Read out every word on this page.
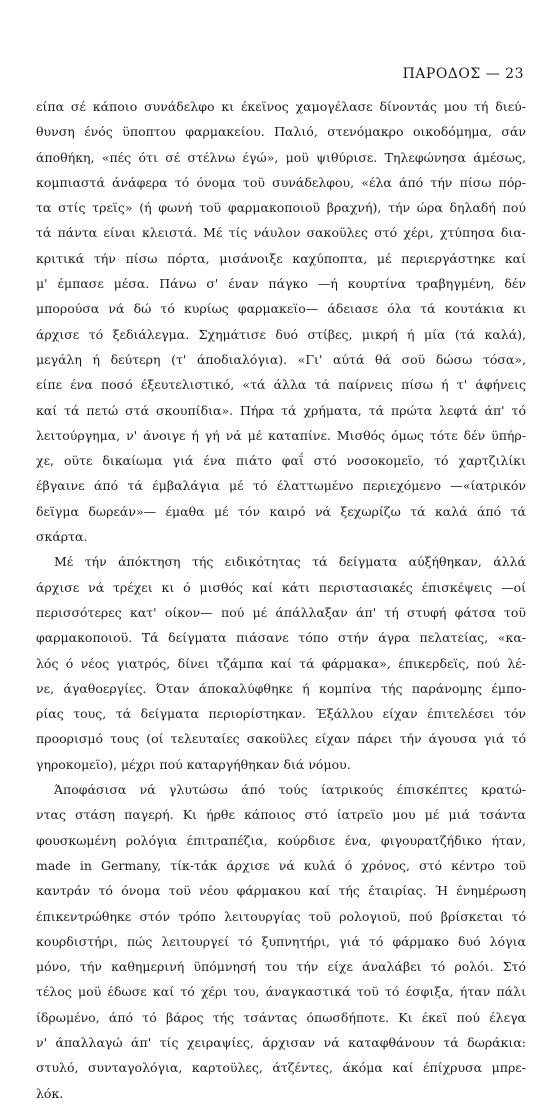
ΠΑΡΟΔΟΣ — 23
είπα σέ κάποιο συνάδελφο κι έκεϊνος χαμογέλασε δίνοντάς μου τή διεύ-
θυνση ένός ϋποπτου φαρμακείου. Παλιό, στενόμακρο οικοδόμημα, σάν
άποθήκη, «πές ότι σέ στέλνω έγώ», μοϋ ψιθύρισε. Τηλεφώνησα άμέσως,
κομπιαστά άνάφερα τό όνομα τοϋ συνάδελφου, «έλα άπό τήν πίσω πόρ-
τα στίς τρεϊς» (ή φωνή τοϋ φαρμακοποιοϋ βραχνή), τήν ώρα δηλαδή πού
τά πάντα είναι κλειστά. Μέ τίς νάυλον σακοϋλες στό χέρι, χτύπησα δια-
κριτικά τήν πίσω πόρτα, μισάνοιξε καχύποπτα, μέ περιεργάστηκε καί
μ' έμπασε μέσα. Πάνω σ' έναν πάγκο —ή κουρτίνα τραβηγμένη, δέν
μπορούσα νά δώ τό κυρίως φαρμακεϊο— άδειασε όλα τά κουτάκια κι
άρχισε τό ξεδιάλεγμα. Σχημάτισε δυό στίβες, μικρή ή μία (τά καλά),
μεγάλη ή δεύτερη (τ' άποδιαλόγια). «Γι' αύτά θά σοϋ δώσω τόσα»,
είπε ένα ποσό έξευτελιστικό, «τά άλλα τά παίρνεις πίσω ή τ' άφήνεις
καί τά πετώ στά σκουπίδια». Πήρα τά χρήματα, τά πρώτα λεφτά άπ' τό
λειτούργημα, ν' άνοιγε ή γή νά μέ καταπίνε. Μισθός όμως τότε δέν ϋπήρ-
χε, οϋτε δικαίωμα γιά ένα πιάτο φαΐ στό νοσοκομεϊο, τό χαρτζιλίκι
έβγαινε άπό τά έμβαλάγια μέ τό έλαττωμένο περιεχόμενο —«ίατρικόν
δεϊγμα δωρεάν»— έμαθα μέ τόν καιρό νά ξεχωρίζω τά καλά άπό τά
σκάρτα.
Μέ τήν άπόκτηση τής ειδικότητας τά δείγματα αύξήθηκαν, άλλά
άρχισε νά τρέχει κι ό μισθός καί κάτι περιστασιακές έπισκέψεις —οί
περισσότερες κατ' οίκον— πού μέ άπάλλαξαν άπ' τή στυφή φάτσα τοϋ
φαρμακοποιοϋ. Τά δείγματα πιάσανε τόπο στήν άγρα πελατείας, «κα-
λός ό νέος γιατρός, δίνει τζάμπα καί τά φάρμακα», έπικερδεϊς, πού λέ-
νε, άγαθοεργίες. Όταν άποκαλύφθηκε ή κομπίνα τής παράνομης έμπο-
ρίας τους, τά δείγματα περιορίστηκαν. Έξάλλου είχαν έπιτελέσει τόν
προορισμό τους (οί τελευταίες σακοϋλες είχαν πάρει τήν άγουσα γιά τό
γηροκομεϊο), μέχρι πού καταργήθηκαν διά νόμου.
Άποφάσισα νά γλυτώσω άπό τούς ίατρικούς έπισκέπτες κρατώ-
ντας στάση παγερή. Κι ήρθε κάποιος στό ίατρεϊο μου μέ μιά τσάντα
φουσκωμένη ρολόγια έπιτραπέζια, κούρδισε ένα, φιγουρατζήδικο ήταν,
made in Germany, τίκ-τάκ άρχισε νά κυλά ό χρόνος, στό κέντρο τοϋ
καντράν τό όνομα τοϋ νέου φάρμακου καί τής έταιρίας. Ή ένημέρωση
έπικεντρώθηκε στόν τρόπο λειτουργίας τοϋ ρολογιοϋ, πού βρίσκεται τό
κουρδιστήρι, πώς λειτουργεί τό ξυπνητήρι, γιά τό φάρμακο δυό λόγια
μόνο, τήν καθημερινή ϋπόμνησή του τήν είχε άναλάβει τό ρολόι. Στό
τέλος μοϋ έδωσε καί τό χέρι του, άναγκαστικά τοϋ τό έσφιξα, ήταν πάλι
ίδρωμένο, άπό τό βάρος τής τσάντας όπωσδήποτε. Κι έκεϊ πού έλεγα
ν' άπαλλαγώ άπ' τίς χειραψίες, άρχισαν νά καταφθάνουν τά δωράκια:
στυλό, συνταγολόγια, καρτοϋλες, άτζέντες, άκόμα καί έπίχρυσα μπρε-
λόκ.
